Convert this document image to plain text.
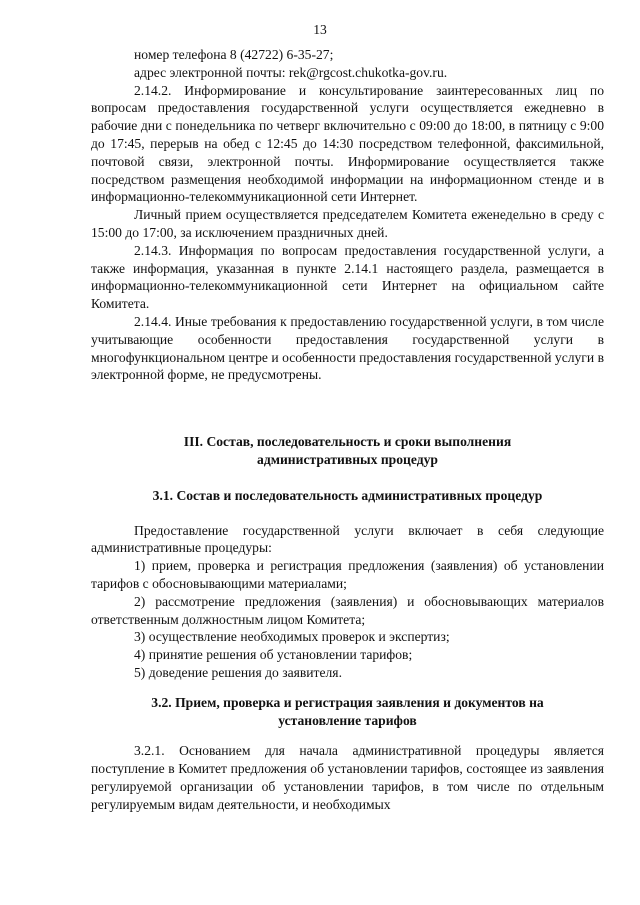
13

номер телефона 8 (42722) 6-35-27;

адрес электронной почты: rek@rgcost.chukotka-gov.ru.

2.14.2. Информирование и консультирование заинтересованных лиц по вопросам предоставления государственной услуги осуществляется ежедневно в рабочие дни с понедельника по четверг включительно с 09:00 до 18:00, в пятницу с 9:00 до 17:45, перерыв на обед с 12:45 до 14:30 посредством телефонной, факсимильной, почтовой связи, электронной почты. Информирование осуществляется также посредством размещения необходимой информации на информационном стенде и в информационно-телекоммуникационной сети Интернет.

Личный прием осуществляется председателем Комитета еженедельно в среду с 15:00 до 17:00, за исключением праздничных дней.

2.14.3. Информация по вопросам предоставления государственной услуги, а также информация, указанная в пункте 2.14.1 настоящего раздела, размещается в информационно-телекоммуникационной сети Интернет на официальном сайте Комитета.

2.14.4. Иные требования к предоставлению государственной услуги, в том числе учитывающие особенности предоставления государственной услуги в многофункциональном центре и особенности предоставления государственной услуги в электронной форме, не предусмотрены.

III. Состав, последовательность и сроки выполнения
административных процедур
3.1. Состав и последовательность административных процедур

Предоставление государственной услуги включает в себя следующие административные процедуры:

1) прием, проверка и регистрация предложения (заявления) об установлении тарифов с обосновывающими материалами;

2) рассмотрение предложения (заявления) и обосновывающих материалов ответственным должностным лицом Комитета;

3) осуществление необходимых проверок и экспертиз;

4) принятие решения об установлении тарифов;

5) доведение решения до заявителя.

3.2. Прием, проверка и регистрация заявления и документов на
установление тарифов

3.2.1. Основанием для начала административной процедуры является поступление в Комитет предложения об установлении тарифов, состоящее из заявления регулируемой организации об установлении тарифов, в том числе по отдельным регулируемым видам деятельности, и необходимых
